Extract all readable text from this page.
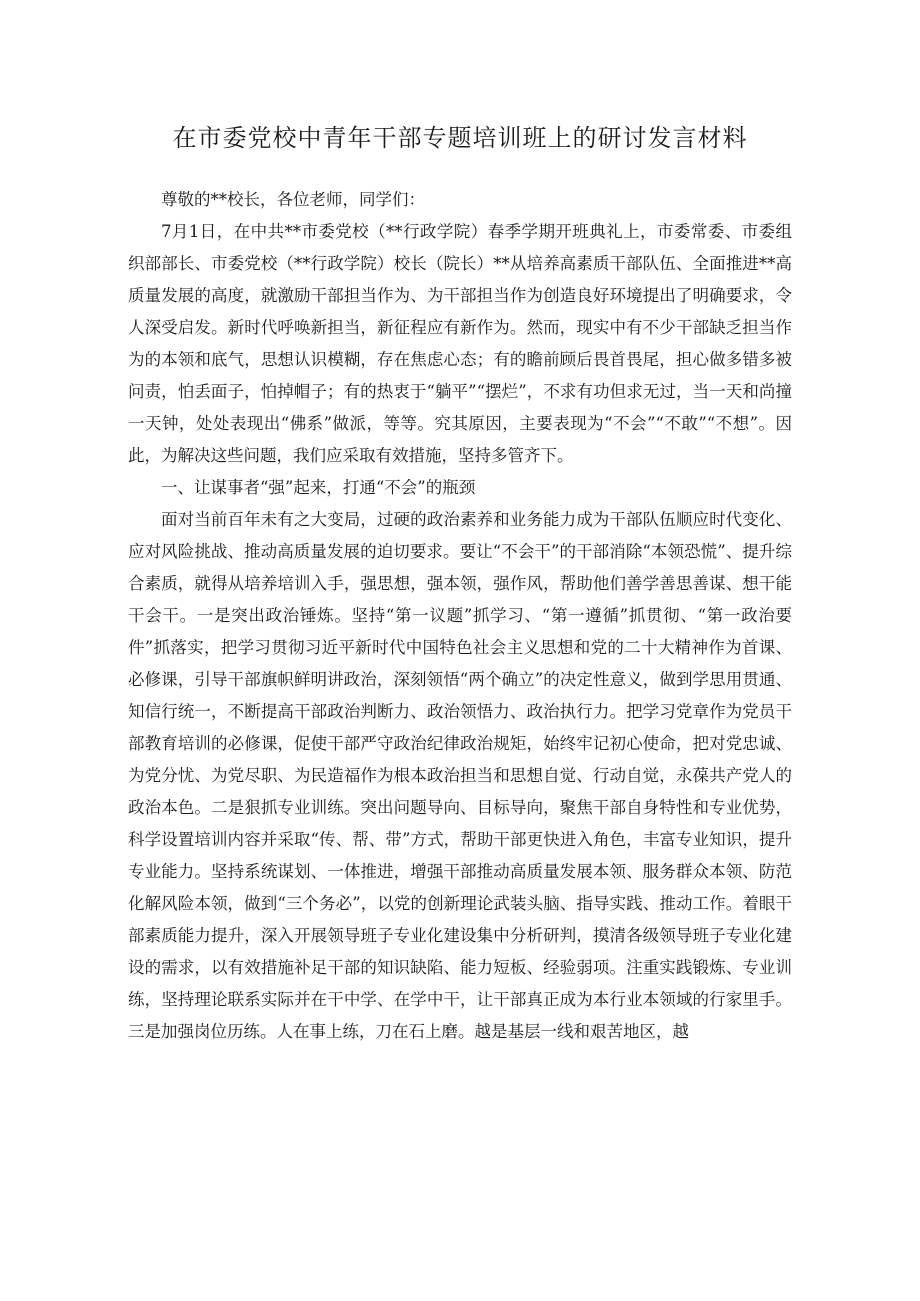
在市委党校中青年干部专题培训班上的研讨发言材料

尊敬的**校长，各位老师，同学们：

7月1日，在中共**市委党校（**行政学院）春季学期开班典礼上，市委常委、市委组织部部长、市委党校（**行政学院）校长（院长）**从培养高素质干部队伍、全面推进**高质量发展的高度，就激励干部担当作为、为干部担当作为创造良好环境提出了明确要求，令人深受启发。新时代呼唤新担当，新征程应有新作为。然而，现实中有不少干部缺乏担当作为的本领和底气，思想认识模糊，存在焦虑心态；有的瞻前顾后畏首畏尾，担心做多错多被问责，怕丢面子，怕掉帽子；有的热衷于“躺平”“摆烂”，不求有功但求无过，当一天和尚撞一天钟，处处表现出“佛系”做派，等等。究其原因，主要表现为“不会”“不敢”“不想”。因此，为解决这些问题，我们应采取有效措施，坚持多管齐下。

一、让谋事者“强”起来，打通“不会”的瓶颈

面对当前百年未有之大变局，过硬的政治素养和业务能力成为干部队伍顺应时代变化、应对风险挑战、推动高质量发展的迫切要求。要让“不会干”的干部消除“本领恐慌”、提升综合素质，就得从培养培训入手，强思想，强本领，强作风，帮助他们善学善思善谋、想干能干会干。一是突出政治锤炼。坚持“第一议题”抓学习、“第一遵循”抓贯彻、“第一政治要件”抓落实，把学习贯彻习近平新时代中国特色社会主义思想和党的二十大精神作为首课、必修课，引导干部旗帜鲜明讲政治，深刻领悟“两个确立”的决定性意义，做到学思用贯通、知信行统一，不断提高干部政治判断力、政治领悟力、政治执行力。把学习党章作为党员干部教育培训的必修课，促使干部严守政治纪律政治规矩，始终牢记初心使命，把对党忠诚、为党分忧、为党尽职、为民造福作为根本政治担当和思想自觉、行动自觉，永葆共产党人的政治本色。二是狠抓专业训练。突出问题导向、目标导向，聚焦干部自身特性和专业优势，科学设置培训内容并采取“传、帮、带”方式，帮助干部更快进入角色，丰富专业知识，提升专业能力。坚持系统谋划、一体推进，增强干部推动高质量发展本领、服务群众本领、防范化解风险本领，做到“三个务必”，以党的创新理论武装头脑、指导实践、推动工作。着眼干部素质能力提升，深入开展领导班子专业化建设集中分析研判，摸清各级领导班子专业化建设的需求，以有效措施补足干部的知识缺陷、能力短板、经验弱项。注重实践锻炼、专业训练，坚持理论联系实际并在干中学、在学中干，让干部真正成为本行业本领域的行家里手。三是加强岗位历练。人在事上练，刀在石上磨。越是基层一线和艰苦地区，越
